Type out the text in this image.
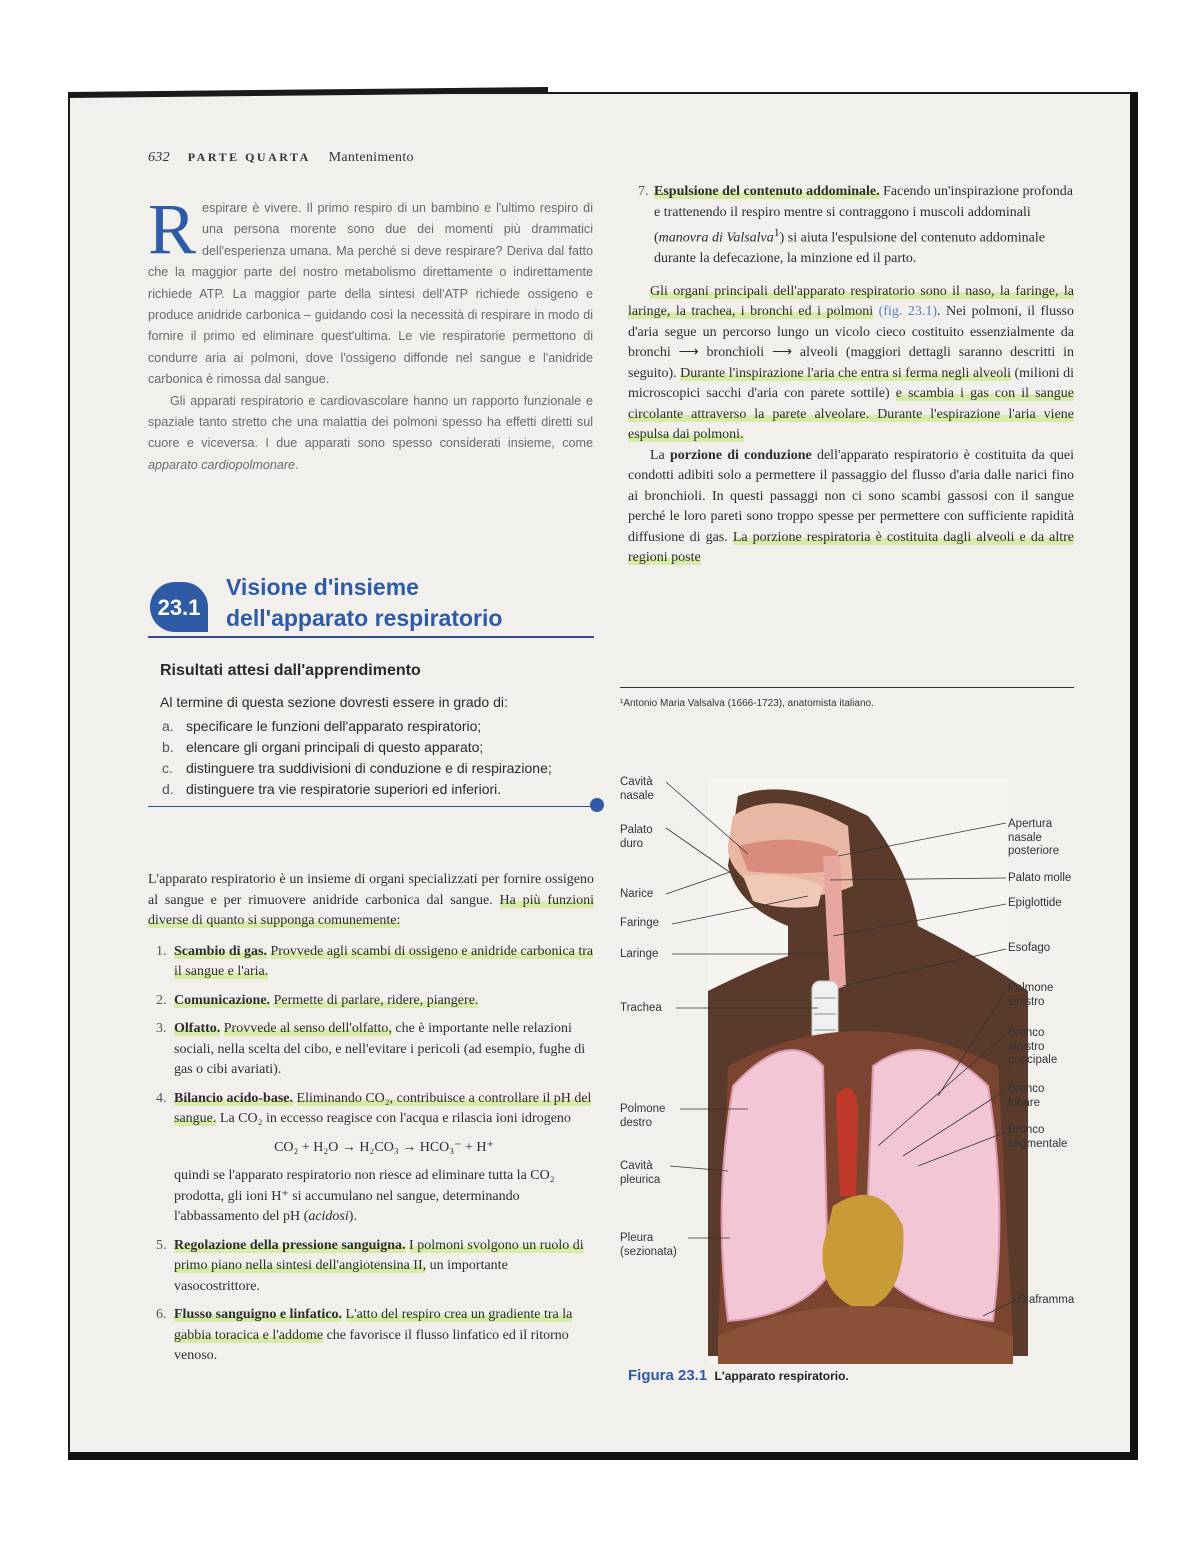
632 PARTE QUARTA Mantenimento
R espirare è vivere. Il primo respiro di un bambino e l'ultimo respiro di una persona morente sono due dei momenti più drammatici dell'esperienza umana. Ma perché si deve respirare? Deriva dal fatto che la maggior parte del nostro metabolismo direttamente o indirettamente richiede ATP. La maggior parte della sintesi dell'ATP richiede ossigeno e produce anidride carbonica – guidando così la necessità di respirare in modo di fornire il primo ed eliminare quest'ultima. Le vie respiratorie permettono di condurre aria ai polmoni, dove l'ossigeno diffonde nel sangue e l'anidride carbonica è rimossa dal sangue.

Gli apparati respiratorio e cardiovascolare hanno un rapporto funzionale e spaziale tanto stretto che una malattia dei polmoni spesso ha effetti diretti sul cuore e viceversa. I due apparati sono spesso considerati insieme, come apparato cardiopolmonare.

23.1
Visione d'insieme
dell'apparato respiratorio
Risultati attesi dall'apprendimento
Al termine di questa sezione dovresti essere in grado di:
a. specificare le funzioni dell'apparato respiratorio;
b. elencare gli organi principali di questo apparato;
c. distinguere tra suddivisioni di conduzione e di respirazione;
d. distinguere tra vie respiratorie superiori ed inferiori.

L'apparato respiratorio è un insieme di organi specializzati per fornire ossigeno al sangue e per rimuovere anidride carbonica dal sangue. Ha più funzioni diverse di quanto si supponga comunemente:

1. Scambio di gas. Provvede agli scambi di ossigeno e anidride carbonica tra il sangue e l'aria.
2. Comunicazione. Permette di parlare, ridere, piangere.
3. Olfatto. Provvede al senso dell'olfatto, che è importante nelle relazioni sociali, nella scelta del cibo, e nell'evitare i pericoli (ad esempio, fughe di gas o cibi avariati).
4. Bilancio acido-base. Eliminando CO₂, contribuisce a controllare il pH del sangue. La CO₂ in eccesso reagisce con l'acqua e rilascia ioni idrogeno
CO₂ + H₂O → H₂CO₃ → HCO₃⁻ + H⁺
quindi se l'apparato respiratorio non riesce ad eliminare tutta la CO₂ prodotta, gli ioni H⁺ si accumulano nel sangue, determinando l'abbassamento del pH (acidosi).
5. Regolazione della pressione sanguigna. I polmoni svolgono un ruolo di primo piano nella sintesi dell'angiotensina II, un importante vasocostrittore.
6. Flusso sanguigno e linfatico. L'atto del respiro crea un gradiente tra la gabbia toracica e l'addome che favorisce il flusso linfatico ed il ritorno venoso.
7. Espulsione del contenuto addominale. Facendo un'inspirazione profonda e trattenendo il respiro mentre si contraggono i muscoli addominali (manovra di Valsalva$^1$) si aiuta l'espulsione del contenuto addominale durante la defecazione, la minzione ed il parto.

Gli organi principali dell'apparato respiratorio sono il naso, la faringe, la laringe, la trachea, i bronchi ed i polmoni (fig. 23.1). Nei polmoni, il flusso d'aria segue un percorso lungo un vicolo cieco costituito essenzialmente da bronchi ⟶ bronchioli ⟶ alveoli (maggiori dettagli saranno descritti in seguito). Durante l'inspirazione l'aria che entra si ferma negli alveoli (milioni di microscopici sacchi d'aria con parete sottile) e scambia i gas con il sangue circolante attraverso la parete alveolare. Durante l'espirazione l'aria viene espulsa dai polmoni.

La porzione di conduzione dell'apparato respiratorio è costituita da quei condotti adibiti solo a permettere il passaggio del flusso d'aria dalle narici fino ai bronchioli. In questi passaggi non ci sono scambi gassosi con il sangue perché le loro pareti sono troppo spesse per permettere con sufficiente rapidità diffusione di gas. La porzione respiratoria è costituita dagli alveoli e da altre regioni poste

¹Antonio Maria Valsalva (1666-1723), anatomista italiano.
Cavità nasale
Palato duro
Narice
Faringe
Laringe
Trachea
Polmone destro
Cavità pleurica
Pleura (sezionata)
Apertura nasale posteriore
Palato molle
Epiglottide
Esofago
Polmone sinistro
Bronco sinistro principale
Bronco lobare
Bronco segmentale
Diaframma
Figura 23.1 L'apparato respiratorio.
